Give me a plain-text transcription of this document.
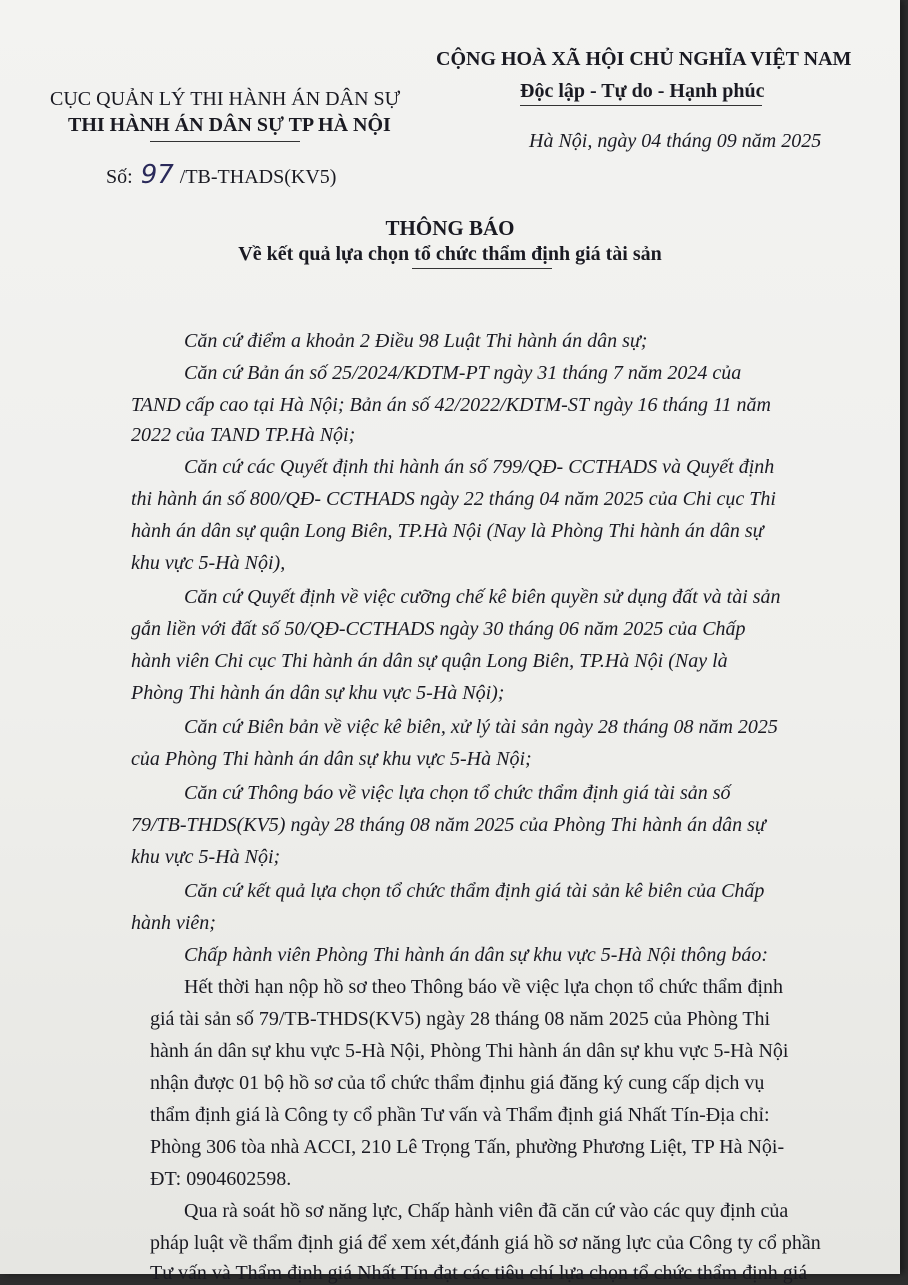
CỤC QUẢN LÝ THI HÀNH ÁN DÂN SỰ
THI HÀNH ÁN DÂN SỰ TP HÀ NỘI
CỘNG HOÀ XÃ HỘI CHỦ NGHĨA VIỆT NAM
Độc lập - Tự do - Hạnh phúc
Số: 97 /TB-THADS(KV5)
Hà Nội, ngày 04 tháng 09 năm 2025
THÔNG BÁO
Về kết quả lựa chọn tổ chức thẩm định giá tài sản
Căn cứ điểm a khoản 2 Điều 98 Luật Thi hành án dân sự;
Căn cứ Bản án số 25/2024/KDTM-PT ngày 31 tháng 7 năm 2024 của
TAND cấp cao tại Hà Nội; Bản án số 42/2022/KDTM-ST ngày 16 tháng 11 năm
2022 của TAND TP.Hà Nội;
Căn cứ các Quyết định thi hành án số 799/QĐ- CCTHADS và Quyết định
thi hành án số 800/QĐ- CCTHADS ngày 22 tháng 04 năm 2025 của Chi cục Thi
hành án dân sự quận Long Biên, TP.Hà Nội (Nay là Phòng Thi hành án dân sự
khu vực 5-Hà Nội),
Căn cứ Quyết định về việc cưỡng chế kê biên quyền sử dụng đất và tài sản
gắn liền với đất số 50/QĐ-CCTHADS ngày 30 tháng 06 năm 2025 của Chấp
hành viên Chi cục Thi hành án dân sự quận Long Biên, TP.Hà Nội (Nay là
Phòng Thi hành án dân sự khu vực 5-Hà Nội);
Căn cứ Biên bản về việc kê biên, xử lý tài sản ngày 28 tháng 08 năm 2025
của Phòng Thi hành án dân sự khu vực 5-Hà Nội;
Căn cứ Thông báo về việc lựa chọn tổ chức thẩm định giá tài sản số
79/TB-THDS(KV5) ngày 28 tháng 08 năm 2025 của Phòng Thi hành án dân sự
khu vực 5-Hà Nội;
Căn cứ kết quả lựa chọn tổ chức thẩm định giá tài sản kê biên của Chấp
hành viên;
Chấp hành viên Phòng Thi hành án dân sự khu vực 5-Hà Nội thông báo:
Hết thời hạn nộp hồ sơ theo Thông báo về việc lựa chọn tổ chức thẩm định
giá tài sản số 79/TB-THDS(KV5) ngày 28 tháng 08 năm 2025 của Phòng Thi
hành án dân sự khu vực 5-Hà Nội, Phòng Thi hành án dân sự khu vực 5-Hà Nội
nhận được 01 bộ hồ sơ của tổ chức thẩm địnhu giá đăng ký cung cấp dịch vụ
thẩm định giá là Công ty cổ phần Tư vấn và Thẩm định giá Nhất Tín-Địa chỉ:
Phòng 306 tòa nhà ACCI, 210 Lê Trọng Tấn, phường Phương Liệt, TP Hà Nội-
ĐT: 0904602598.
Qua rà soát hồ sơ năng lực, Chấp hành viên đã căn cứ vào các quy định của
pháp luật về thẩm định giá để xem xét,đánh giá hồ sơ năng lực của Công ty cổ phần
Tư vấn và Thẩm định giá Nhất Tín đạt các tiêu chí lựa chọn tổ chức thẩm định giá
